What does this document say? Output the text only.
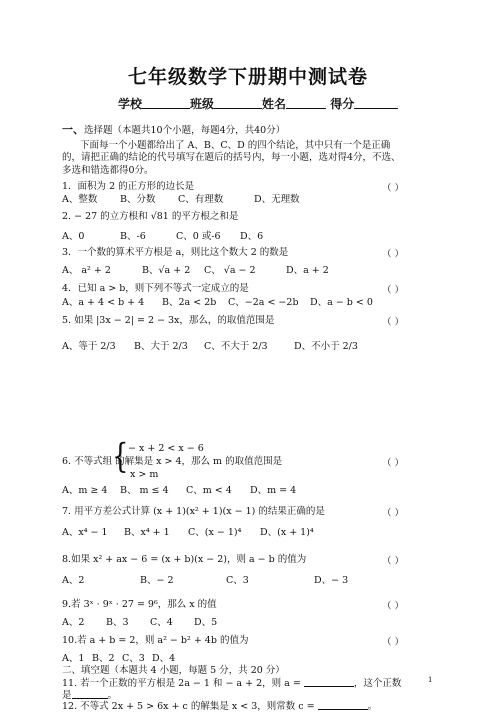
七年级数学下册期中测试卷
学校	班级	姓名	得分
一、选择题（本题共10个小题，每题4分，共40分）
下面每一个小题都给出了 A、B、C、D 的四个结论，其中只有一个是正确
的，请把正确的结论的代号填写在题后的括号内，每一小题，选对得4分，不选、
多选和错选都得0分。
1．面积为 2 的正方形的边长是	（ ）
A、整数 B、分数 C、有理数	D、无理数
2. − 27 的立方根和 √81 的平方根之和是
A、0	B、-6	C、0 或-6 D、6
3．一个数的算术平方根是 a，则比这个数大 2 的数是	（ ）
A、 a² + 2	B、√a + 2 C、 √a − 2	D、a + 2
4．已知 a > b，则下列不等式一定成立的是	（ ）
A、a + 4 < b + 4 B、2a < 2b C、−2a < −2b D、a − b < 0
5. 如果 |3x − 2| = 2 − 3x，那么，的取值范围是	（ ）
A、等于 2/3 B、大于 2/3 C、不大于 2/3	D、不小于 2/3
{ − x + 2 < x − 6
x > m
6. 不等式组 的解集是 x > 4，那么 m 的取值范围是	（ ）
A、m ≥ 4 B、 m ≤ 4 C、m < 4 D、m = 4
7. 用平方差公式计算 (x + 1)(x² + 1)(x − 1) 的结果正确的是	（ ）
A、x⁴ − 1 B、x⁴ + 1 C、(x − 1)⁴ D、(x + 1)⁴
8.如果 x² + ax − 6 = (x + b)(x − 2)，则 a − b 的值为	（ ）
A、2	B、− 2	C、3	D、− 3
9.若 3ˣ · 9ˣ · 27 = 9⁶，那么 x 的值	（ ）
A、2 B、3 C、4 D、5
10.若 a + b = 2，则 a² − b² + 4b 的值为	（ ）
A、1 B、2 C、3 D、4
二、填空题（本题共 4 小题，每题 5 分，共 20 分）
11. 若一个正数的平方根是 2a − 1 和 − a + 2，则 a =	，这个正数
是	。
12. 不等式 2x + 5 > 6x + c 的解集是 x < 3，则常数 c =	。
1
